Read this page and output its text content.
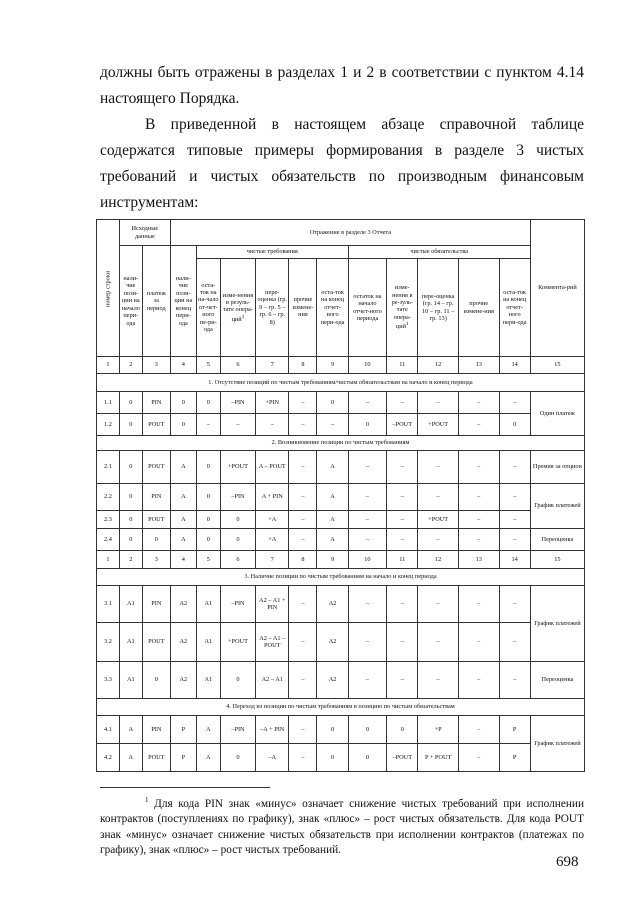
должны быть отражены в разделах 1 и 2 в соответствии с пунктом 4.14 настоящего Порядка.

В приведенной в настоящем абзаце справочной таблице содержатся типовые примеры формирования в разделе 3 чистых требований и чистых обязательств по производным финансовым инструментам:

номер строки	Исходные данные		Отражение в разделе 3 Отчета											Коммента-рий
	нали-чие пози-ции на начало пери-ода	платеж за период	нали-чие пози-ции на конец пери-ода	чистые требования					чистые обязательства					
				оста-ток на на-чало от-чет-ного пе-ри-ода	изме-нения в резуль-тате опера-ций$^1$	пере-оценка (гр. 9 – гр. 5 – гр. 6 – гр. 8)	прочие измене-ния	оста-ток на конец отчет-ного пери-ода	остаток на начало отчет-ного периода	изме-нения в ре-зуль-тате опера-ций$^1$	пере-оценка (гр. 14 – гр. 10 – гр. 11 – гр. 13)	прочие измене-ния	оста-ток на конец отчет-ного пери-ода	
1	2	3	4	5	6	7	8	9	10	11	12	13	14	15
1. Отсутствие позиций по чистым требованиям/чистым обязательствам на начало и конец периода														
1.1	0	PIN	0	0	–PIN	+PIN	–	0	–	–	–	–	–	Один платеж
1.2	0	POUT	0	–	–	–	–	–	0	–POUT	+POUT	–	0	
2. Возникновение позиции по чистым требованиям														
2.1	0	POUT	A	0	+POUT	A – POUT	–	A	–	–	–	–	–	Премия за опцион
2.2	0	PIN	A	0	–PIN	A + PIN	–	A	–	–	–	–	–	График платежей
2.3	0	POUT	A	0	0	+A	–	A	–	–	+POUT	–	–	
2.4	0	0	A	0	0	+A	–	A	–	–	–	–	–	Переоценка
1	2	3	4	5	6	7	8	9	10	11	12	13	14	15
3. Наличие позиции по чистым требованиям на начало и конец периода														
3.1	A1	PIN	A2	A1	–PIN	A2 – A1 + PIN	–	A2	–	–	–	–	–	График платежей
3.2	A1	POUT	A2	A1	+POUT	A2 – A1 – POUT	–	A2	–	–	–	–	–	
3.3	A1	0	A2	A1	0	A2 – A1	–	A2	–	–	–	–	–	Переоценка
4. Переход из позиции по чистым требованиям в позицию по чистым обязательствам														
4.1	A	PIN	P	A	–PIN	–A + PIN	–	0	0	0	+P	–	P	График платежей
4.2	A	POUT	P	A	0	–A	–	0	0	–POUT	P + POUT	–	P	

$^1$ Для кода PIN знак «минус» означает снижение чистых требований при исполнении контрактов (поступлениях по графику), знак «плюс» – рост чистых обязательств. Для кода POUT знак «минус» означает снижение чистых обязательств при исполнении контрактов (платежах по графику), знак «плюс» – рост чистых требований.

698
